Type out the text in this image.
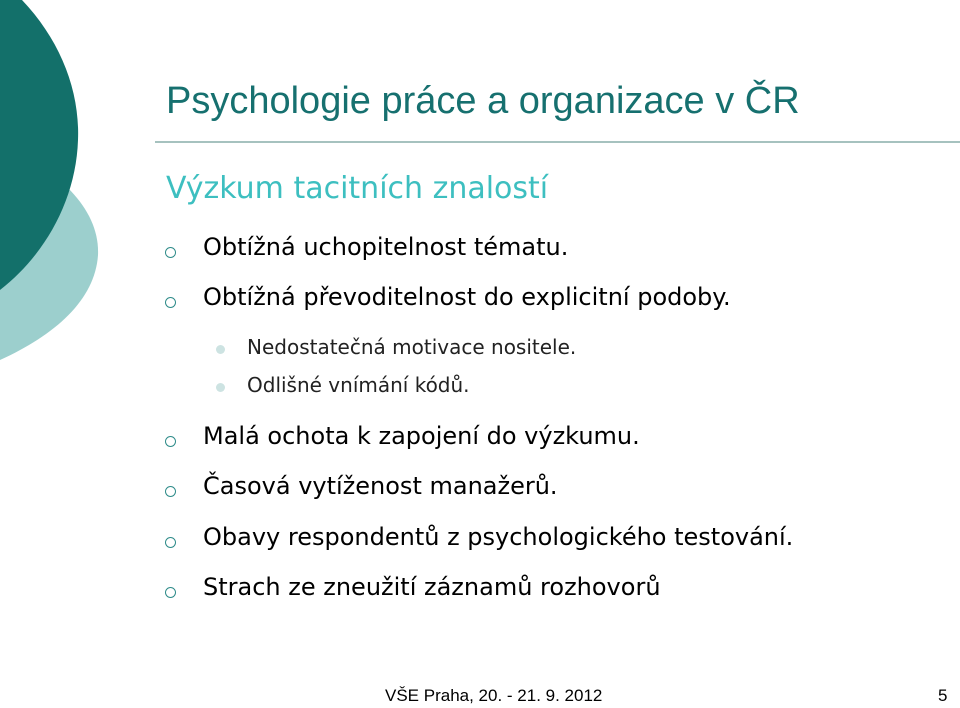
Psychologie práce a organizace v ČR
Výzkum tacitních znalostí
Obtížná uchopitelnost tématu.
Obtížná převoditelnost do explicitní podoby.
Nedostatečná motivace nositele.
Odlišné vnímání kódů.
Malá ochota k zapojení do výzkumu.
Časová vytíženost manažerů.
Obavy respondentů z psychologického testování.
Strach ze zneužití záznamů rozhovorů
VŠE Praha, 20. - 21. 9. 2012	5
